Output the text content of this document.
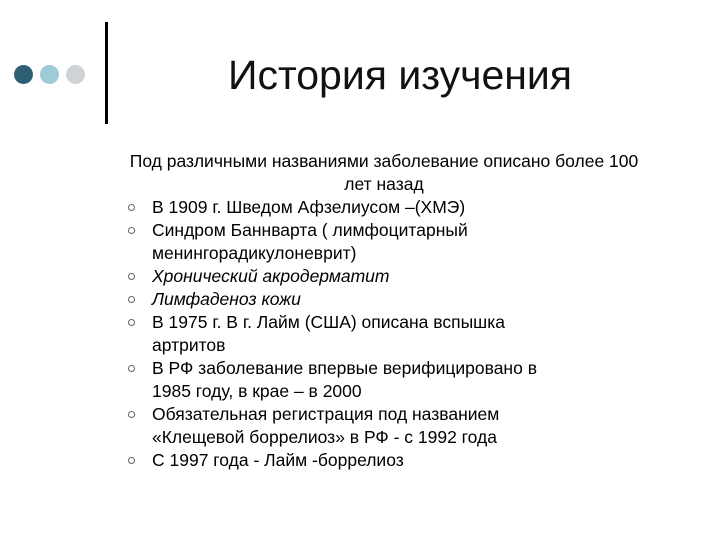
История изучения
Под различными названиями заболевание описано более 100 лет назад
В 1909 г. Шведом Афзелиусом –(ХМЭ)
Синдром Баннварта ( лимфоцитарный
менингорадикулоневрит)
Хронический акродерматит
Лимфаденоз кожи
В 1975 г. В г. Лайм (США) описана вспышка
артритов
В РФ заболевание впервые верифицировано в
1985 году, в крае – в 2000
Обязательная регистрация под названием
«Клещевой боррелиоз» в РФ - с 1992 года
С 1997 года - Лайм -боррелиоз
